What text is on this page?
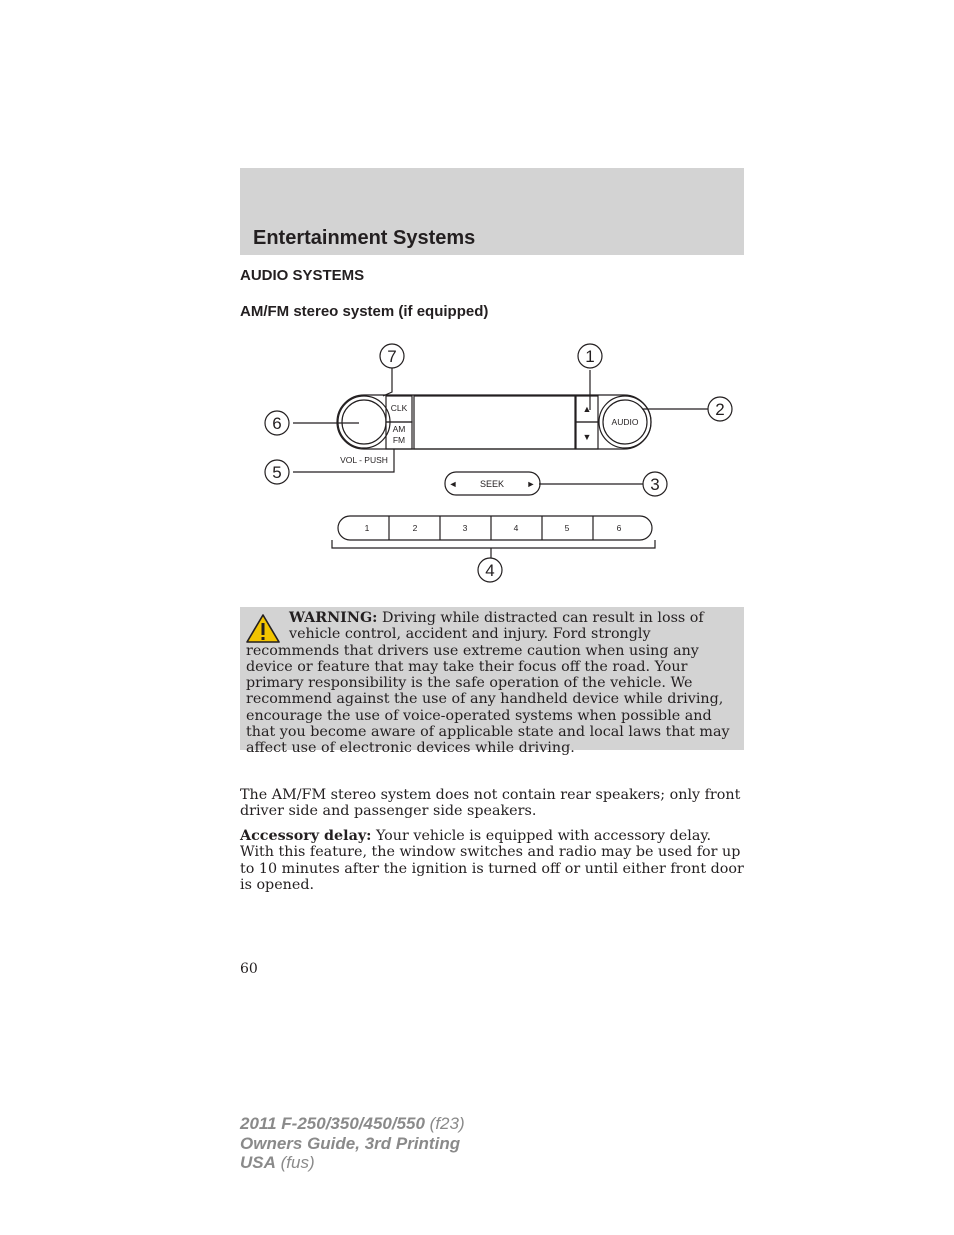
Entertainment Systems
AUDIO SYSTEMS
AM/FM stereo system (if equipped)
7	1
2
3
4
5
6
CLK
AM
FM
VOL - PUSH
AUDIO
SEEK
▲
▼
◄	►
1	2	3	4	5	6
WARNING: Driving while distracted can result in loss of vehicle control, accident and injury. Ford strongly recommends that drivers use extreme caution when using any device or feature that may take their focus off the road. Your primary responsibility is the safe operation of the vehicle. We recommend against the use of any handheld device while driving, encourage the use of voice-operated systems when possible and that you become aware of applicable state and local laws that may affect use of electronic devices while driving.
The AM/FM stereo system does not contain rear speakers; only front driver side and passenger side speakers.
Accessory delay: Your vehicle is equipped with accessory delay. With this feature, the window switches and radio may be used for up to 10 minutes after the ignition is turned off or until either front door is opened.
60
2011 F-250/350/450/550 (f23)
Owners Guide, 3rd Printing
USA (fus)
